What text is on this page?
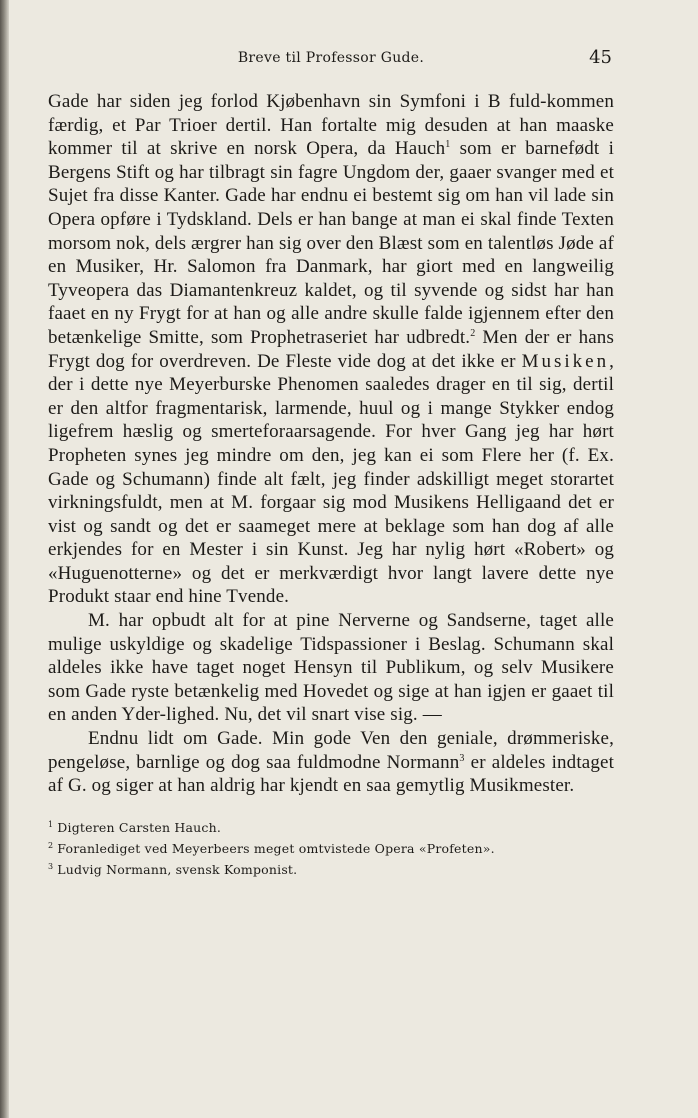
Breve til Professor Gude.	45

Gade har siden jeg forlod Kjøbenhavn sin Symfoni i B fuld-kommen færdig, et Par Trioer dertil. Han fortalte mig desuden at han maaske kommer til at skrive en norsk Opera, da Hauch$^1$ som er barnefødt i Bergens Stift og har tilbragt sin fagre Ungdom der, gaaer svanger med et Sujet fra disse Kanter. Gade har endnu ei bestemt sig om han vil lade sin Opera opføre i Tydskland. Dels er han bange at man ei skal finde Texten morsom nok, dels ærgrer han sig over den Blæst som en talentløs Jøde af en Musiker, Hr. Salomon fra Danmark, har giort med en langweilig Tyveopera das Diamantenkreuz kaldet, og til syvende og sidst har han faaet en ny Frygt for at han og alle andre skulle falde igjennem efter den betænkelige Smitte, som Prophetraseriet har udbredt.$^2$ Men der er hans Frygt dog for overdreven. De Fleste vide dog at det ikke er Musiken, der i dette nye Meyerburske Phenomen saaledes drager en til sig, dertil er den altfor fragmentarisk, larmende, huul og i mange Stykker endog ligefrem hæslig og smerteforaarsagende. For hver Gang jeg har hørt Propheten synes jeg mindre om den, jeg kan ei som Flere her (f. Ex. Gade og Schumann) finde alt fælt, jeg finder adskilligt meget storartet virkningsfuldt, men at M. forgaar sig mod Musikens Helligaand det er vist og sandt og det er saameget mere at beklage som han dog af alle erkjendes for en Mester i sin Kunst. Jeg har nylig hørt «Robert» og «Huguenotterne» og det er merkværdigt hvor langt lavere dette nye Produkt staar end hine Tvende.

M. har opbudt alt for at pine Nerverne og Sandserne, taget alle mulige uskyldige og skadelige Tidspassioner i Beslag. Schumann skal aldeles ikke have taget noget Hensyn til Publikum, og selv Musikere som Gade ryste betænkelig med Hovedet og sige at han igjen er gaaet til en anden Yder-lighed. Nu, det vil snart vise sig. —

Endnu lidt om Gade. Min gode Ven den geniale, drømmeriske, pengeløse, barnlige og dog saa fuldmodne Normann$^3$ er aldeles indtaget af G. og siger at han aldrig har kjendt en saa gemytlig Musikmester.

$^1$ Digteren Carsten Hauch.
$^2$ Foranlediget ved Meyerbeers meget omtvistede Opera «Profeten».
$^3$ Ludvig Normann, svensk Komponist.
